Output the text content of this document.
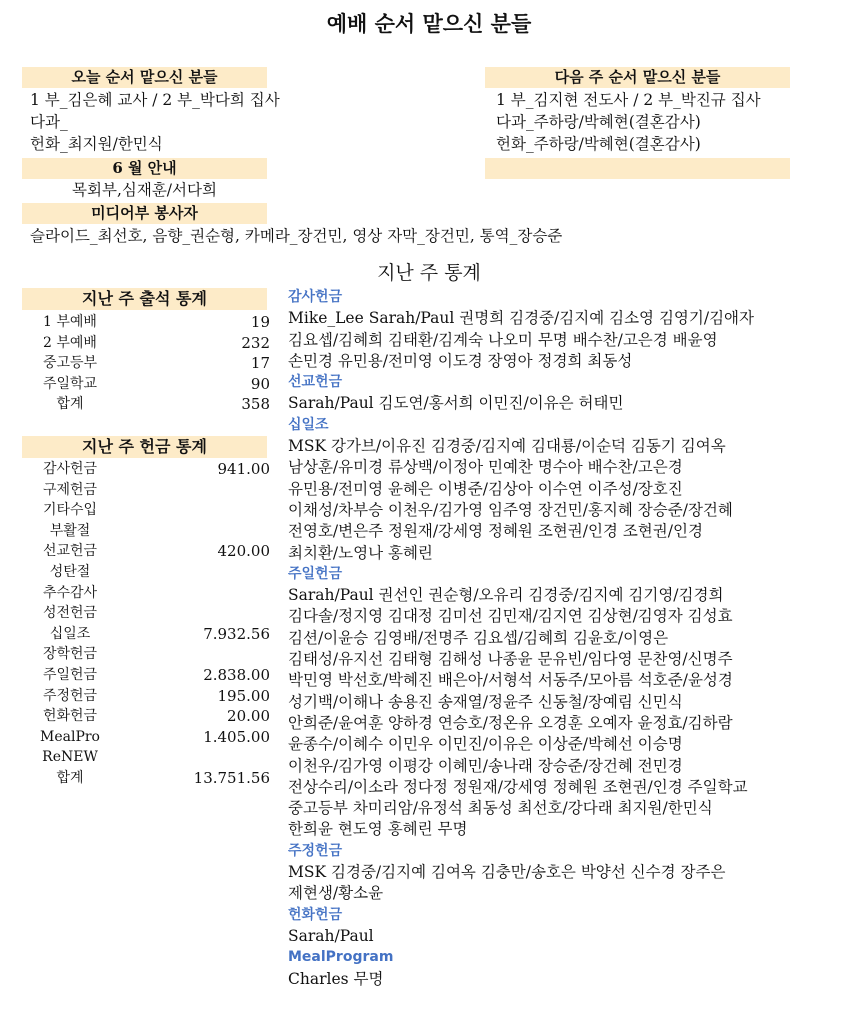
예배 순서 맡으신 분들
오늘 순서 맡으신 분들
1 부_김은혜 교사 / 2 부_박다희 집사
다과_
헌화_최지원/한민식
다음 주 순서 맡으신 분들
1 부_김지현 전도사 / 2 부_박진규 집사
다과_주하랑/박혜현(결혼감사)
헌화_주하랑/박혜현(결혼감사)
6 월 안내
목회부,심재훈/서다희
미디어부 봉사자
슬라이드_최선호, 음향_권순형, 카메라_장건민, 영상 자막_장건민, 통역_장승준
지난 주 통계
지난 주 출석 통계
1 부예배	19
2 부예배	232
중고등부	17
주일학교	90
합계	358
지난 주 헌금 통계
감사헌금	941.00
구제헌금
기타수입
부활절
선교헌금	420.00
성탄절
추수감사
성전헌금
십일조	7.932.56
장학헌금
주일헌금	2.838.00
주정헌금	195.00
헌화헌금	20.00
MealPro	1.405.00
ReNEW
합계	13.751.56
감사헌금
Mike_Lee Sarah/Paul 권명희 김경중/김지예 김소영 김영기/김애자
김요셉/김혜희 김태환/김계숙 나오미 무명 배수찬/고은경 배윤영
손민경 유민용/전미영 이도경 장영아 정경희 최동성
선교헌금
Sarah/Paul 김도연/홍서희 이민진/이유은 허태민
십일조
MSK 강가브/이유진 김경중/김지예 김대룡/이순덕 김동기 김여옥
남상훈/유미경 류상백/이정아 민예찬 명수아 배수찬/고은경
유민용/전미영 윤혜은 이병준/김상아 이수연 이주성/장호진
이채성/차부승 이천우/김가영 임주영 장건민/홍지혜 장승준/장건혜
전영호/변은주 정원재/강세영 정혜원 조현권/인경 조현권/인경
최치환/노영나 홍혜린
주일헌금
Sarah/Paul 권선인 권순형/오유리 김경중/김지예 김기영/김경희
김다솔/정지영 김대정 김미선 김민재/김지연 김상현/김영자 김성효
김션/이윤승 김영배/전명주 김요셉/김혜희 김윤호/이영은
김태성/유지선 김태형 김해성 나종윤 문유빈/임다영 문찬영/신명주
박민영 박선호/박혜진 배은아/서형석 서동주/모아름 석호준/윤성경
성기백/이해나 송용진 송재열/정윤주 신동철/장예림 신민식
안희준/윤여훈 양하경 연승호/정온유 오경훈 오예자 윤정효/김하람
윤종수/이혜수 이민우 이민진/이유은 이상준/박혜선 이승명
이천우/김가영 이평강 이혜민/송나래 장승준/장건혜 전민경
전상수리/이소라 정다정 정원재/강세영 정혜원 조현권/인경 주일학교
중고등부 차미리암/유정석 최동성 최선호/강다래 최지원/한민식
한희윤 현도영 홍혜린 무명
주정헌금
MSK 김경중/김지예 김여옥 김충만/송호은 박양선 신수경 장주은
제현생/황소윤
헌화헌금
Sarah/Paul
MealProgram
Charles 무명
